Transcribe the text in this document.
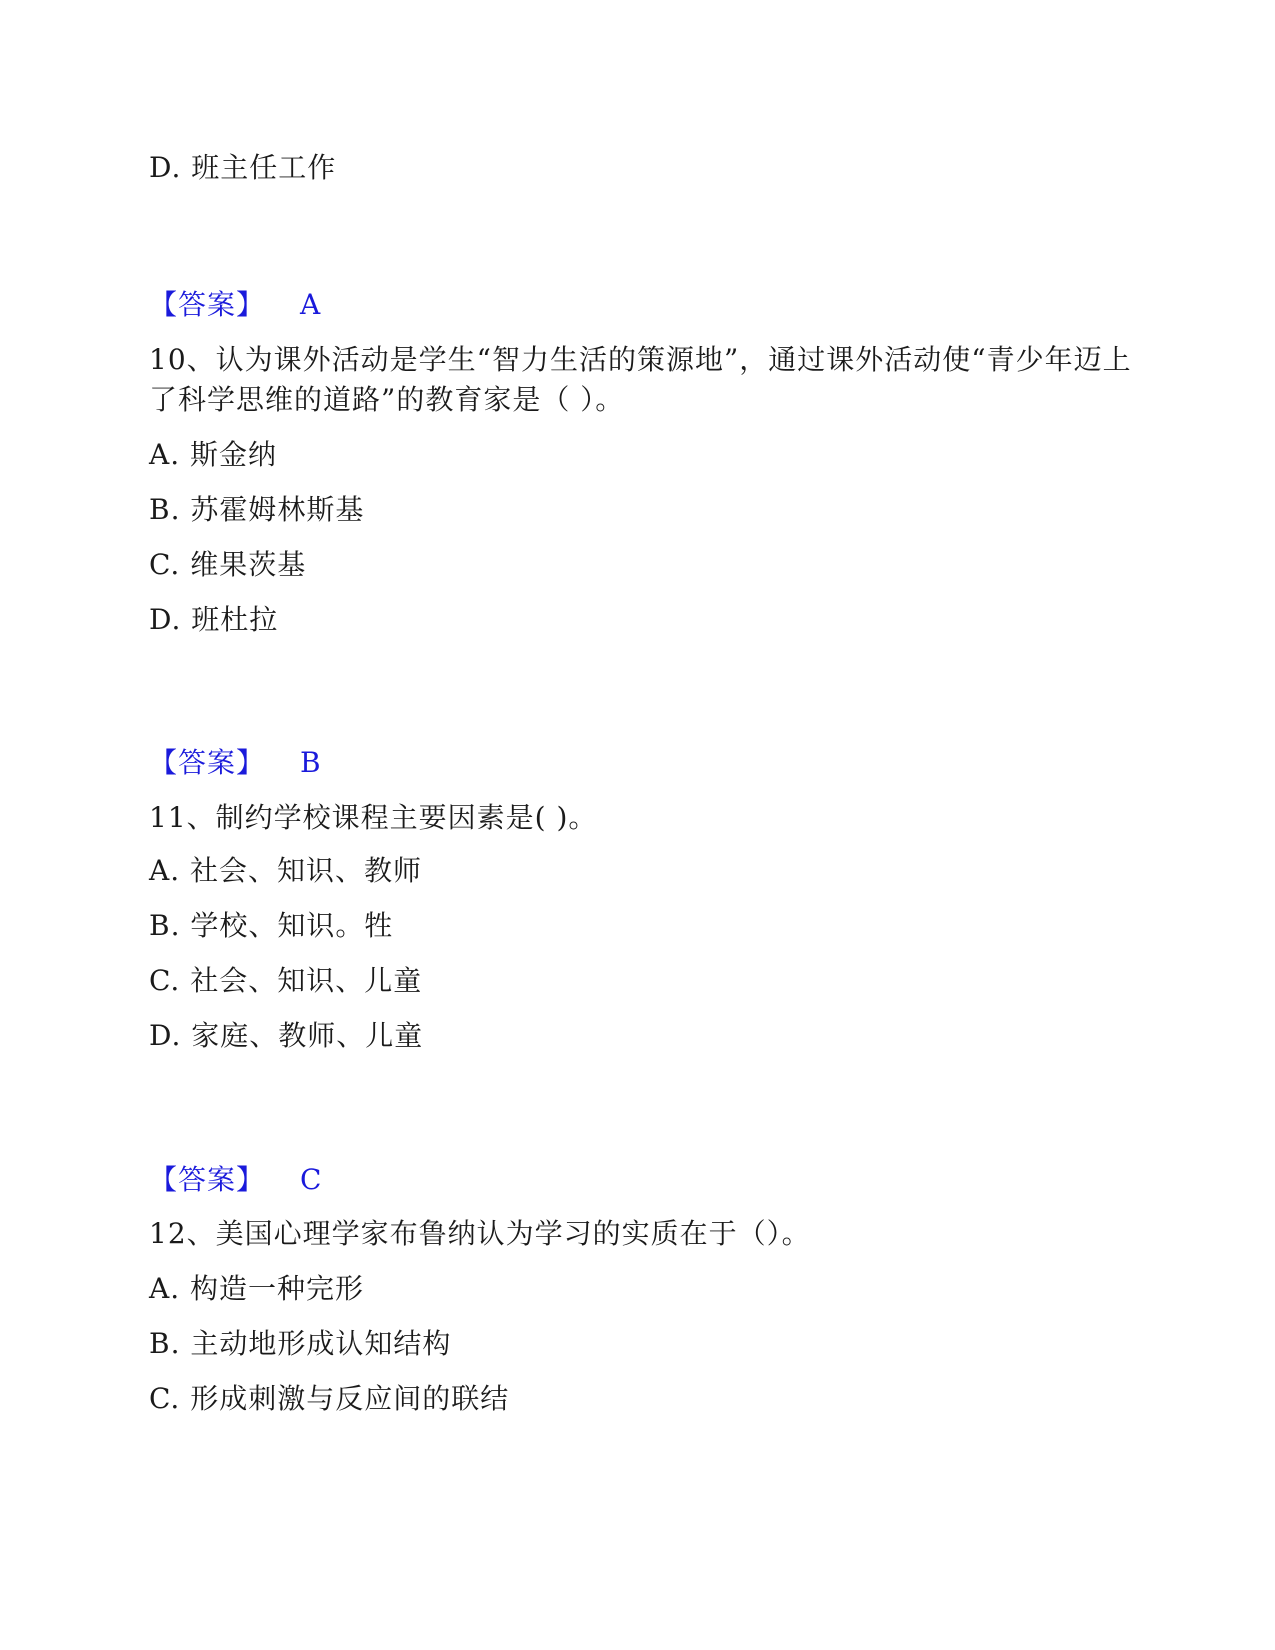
D. 班主任工作
【答案】 A
10、认为课外活动是学生“智力生活的策源地”，通过课外活动使“青少年迈上
了科学思维的道路”的教育家是（ ）。
A. 斯金纳
B. 苏霍姆林斯基
C. 维果茨基
D. 班杜拉
【答案】 B
11、制约学校课程主要因素是( )。
A. 社会、知识、教师
B. 学校、知识。牲
C. 社会、知识、儿童
D. 家庭、教师、儿童
【答案】 C
12、美国心理学家布鲁纳认为学习的实质在于（）。
A. 构造一种完形
B. 主动地形成认知结构
C. 形成刺激与反应间的联结
